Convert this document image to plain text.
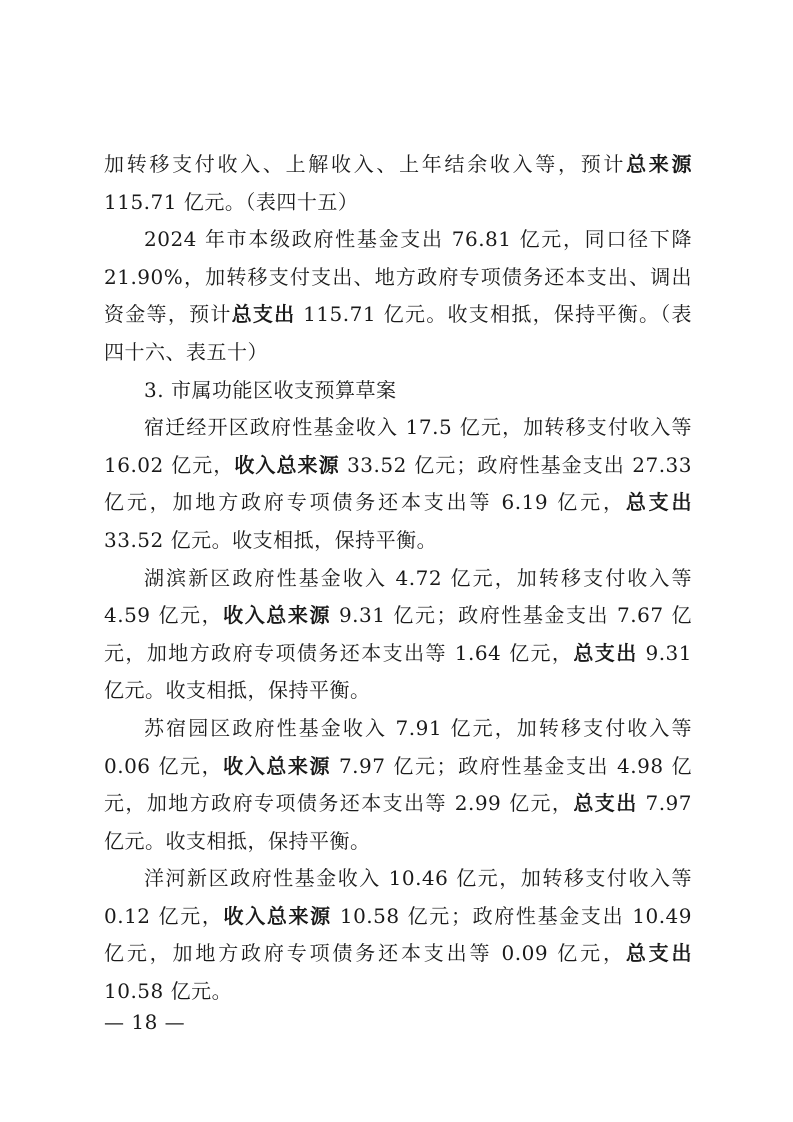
加转移支付收入、上解收入、上年结余收入等，预计总来源 115.71 亿元。（表四十五）

2024 年市本级政府性基金支出 76.81 亿元，同口径下降 21.90%，加转移支付支出、地方政府专项债务还本支出、调出资金等，预计总支出 115.71 亿元。收支相抵，保持平衡。（表四十六、表五十）

3. 市属功能区收支预算草案

宿迁经开区政府性基金收入 17.5 亿元，加转移支付收入等 16.02 亿元，收入总来源 33.52 亿元；政府性基金支出 27.33 亿元，加地方政府专项债务还本支出等 6.19 亿元，总支出 33.52 亿元。收支相抵，保持平衡。

湖滨新区政府性基金收入 4.72 亿元，加转移支付收入等 4.59 亿元，收入总来源 9.31 亿元；政府性基金支出 7.67 亿元，加地方政府专项债务还本支出等 1.64 亿元，总支出 9.31 亿元。收支相抵，保持平衡。

苏宿园区政府性基金收入 7.91 亿元，加转移支付收入等 0.06 亿元，收入总来源 7.97 亿元；政府性基金支出 4.98 亿元，加地方政府专项债务还本支出等 2.99 亿元，总支出 7.97 亿元。收支相抵，保持平衡。

洋河新区政府性基金收入 10.46 亿元，加转移支付收入等 0.12 亿元，收入总来源 10.58 亿元；政府性基金支出 10.49 亿元，加地方政府专项债务还本支出等 0.09 亿元，总支出 10.58 亿元。

— 18 —
